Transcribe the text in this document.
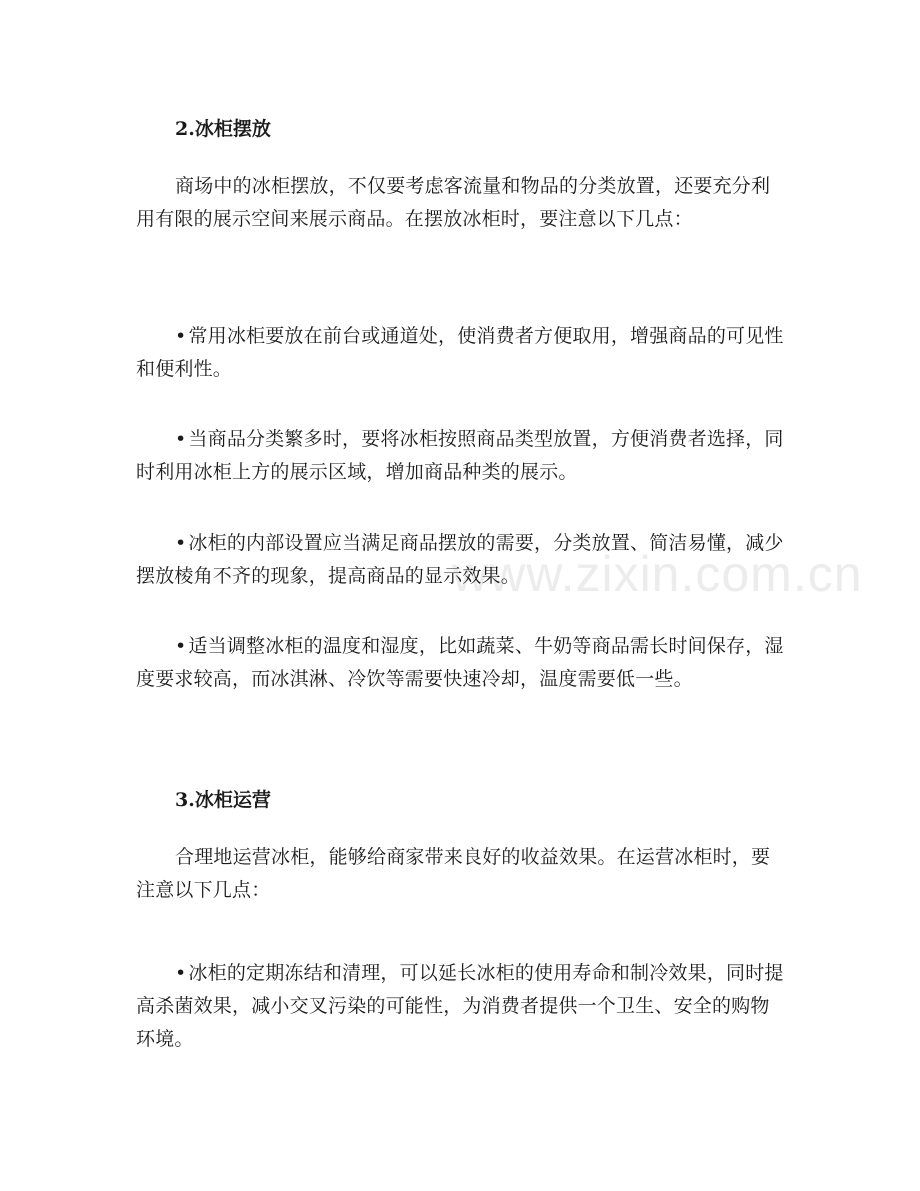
www.zixin.com.cn
2.冰柜摆放
商场中的冰柜摆放，不仅要考虑客流量和物品的分类放置，还要充分利用有限的展示空间来展示商品。在摆放冰柜时，要注意以下几点：
• 常用冰柜要放在前台或通道处，使消费者方便取用，增强商品的可见性和便利性。
• 当商品分类繁多时，要将冰柜按照商品类型放置，方便消费者选择，同时利用冰柜上方的展示区域，增加商品种类的展示。
• 冰柜的内部设置应当满足商品摆放的需要，分类放置、简洁易懂，减少摆放棱角不齐的现象，提高商品的显示效果。
• 适当调整冰柜的温度和湿度，比如蔬菜、牛奶等商品需长时间保存，湿度要求较高，而冰淇淋、冷饮等需要快速冷却，温度需要低一些。
3.冰柜运营
合理地运营冰柜，能够给商家带来良好的收益效果。在运营冰柜时，要注意以下几点：
• 冰柜的定期冻结和清理，可以延长冰柜的使用寿命和制冷效果，同时提高杀菌效果，减小交叉污染的可能性，为消费者提供一个卫生、安全的购物环境。
